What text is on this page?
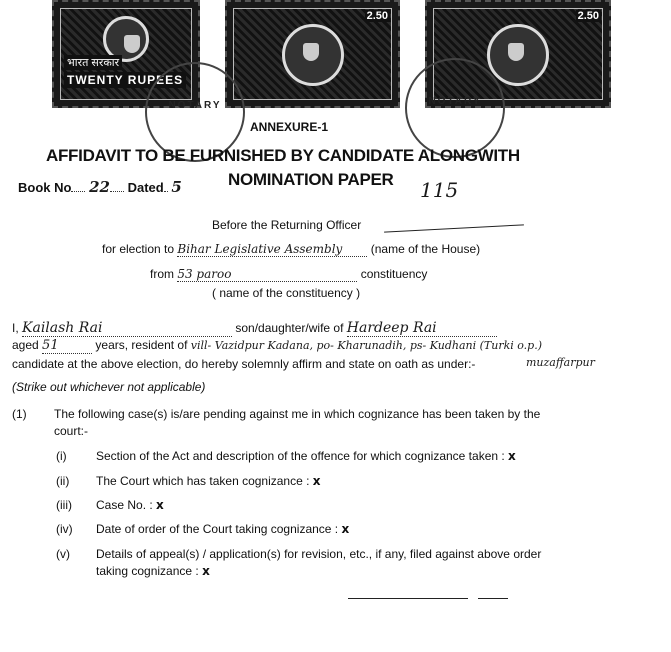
भारत सरकार
TWENTY RUPEES
2.50	2.50
NOTARY	NOTARY
ANNEXURE-1
AFFIDAVIT TO BE FURNISHED BY CANDIDATE ALONGWITH
Book No 22 Dated 5	NOMINATION PAPER 115
Before the Returning Officer
for election to Bihar Legislative Assembly (name of the House)
from 53 paroo	constituency
( name of the constituency )
I, Kailash Rai	son/daughter/wife of Hardeep Rai
aged 51	years, resident of vill- Vazidpur Kadana, po- Kharunadih, ps- Kudhani (Turki o.p.)
candidate at the above election, do hereby solemnly affirm and state on oath as under:-	muzaffarpur
(Strike out whichever not applicable)
(1) The following case(s) is/are pending against me in which cognizance has been taken by the
court:-
(i) Section of the Act and description of the offence for which cognizance taken : x
(ii) The Court which has taken cognizance : x
(iii) Case No. : x
(iv) Date of order of the Court taking cognizance : x
(v) Details of appeal(s) / application(s) for revision, etc., if any, filed against above order
taking cognizance : x
